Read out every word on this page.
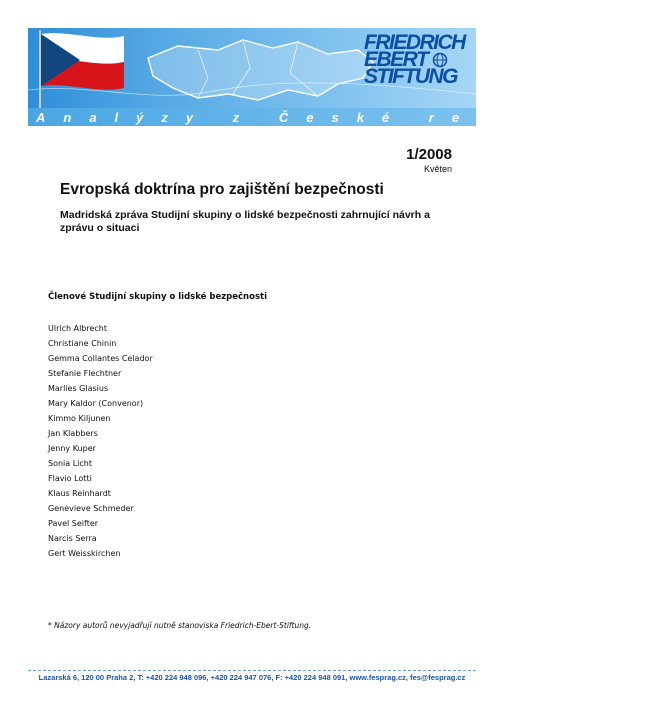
FRIEDRICH
EBERT
STIFTUNG
Analýzy z České republiky
1/2008
Květen
Evropská doktrína pro zajištění bezpečnosti
Madridská zpráva Studijní skupiny o lidské bezpečnosti zahrnující návrh a zprávu o situaci
Členové Studijní skupiny o lidské bezpečnosti
Ulrich Albrecht
Christiane Chinin
Gemma Collantes Celador
Stefanie Flechtner
Marlies Glasius
Mary Kaldor (Convenor)
Kimmo Kiljunen
Jan Klabbers
Jenny Kuper
Sonia Licht
Flavio Lotti
Klaus Reinhardt
Genevieve Schmeder
Pavel Seifter
Narcis Serra
Gert Weisskirchen
* Názory autorů nevyjadřují nutně stanoviska Friedrich-Ebert-Stiftung.
Lazarská 6, 120 00 Praha 2, T: +420 224 948 096, +420 224 947 076, F: +420 224 948 091, www.fesprag.cz, fes@fesprag.cz
